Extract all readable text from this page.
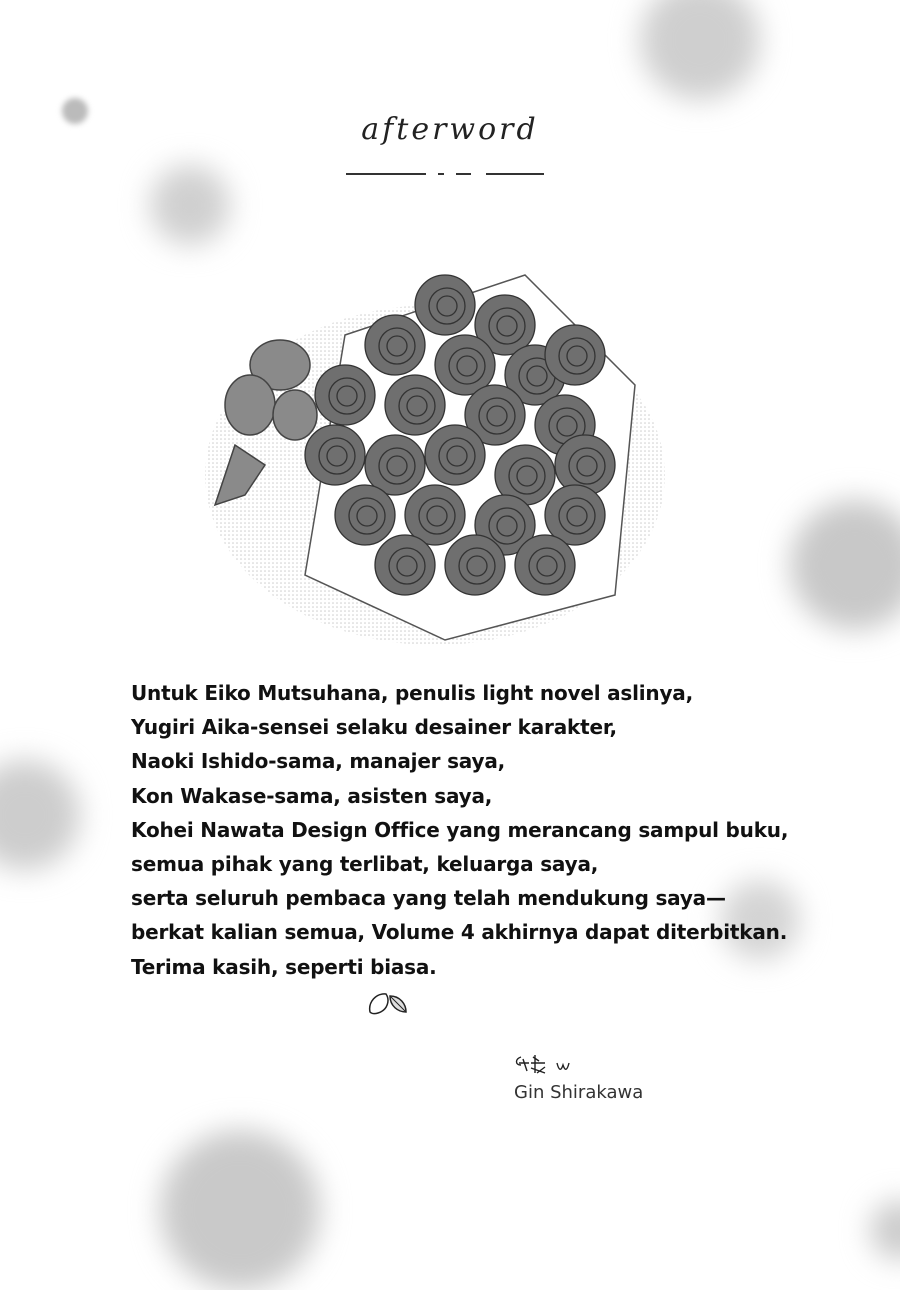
afterword
Untuk Eiko Mutsuhana, penulis light novel aslinya,
Yugiri Aika-sensei selaku desainer karakter,
Naoki Ishido-sama, manajer saya,
Kon Wakase-sama, asisten saya,
Kohei Nawata Design Office yang merancang sampul buku,
semua pihak yang terlibat, keluarga saya,
serta seluruh pembaca yang telah mendukung saya—
berkat kalian semua, Volume 4 akhirnya dapat diterbitkan.
Terima kasih, seperti biasa.
Gin Shirakawa
